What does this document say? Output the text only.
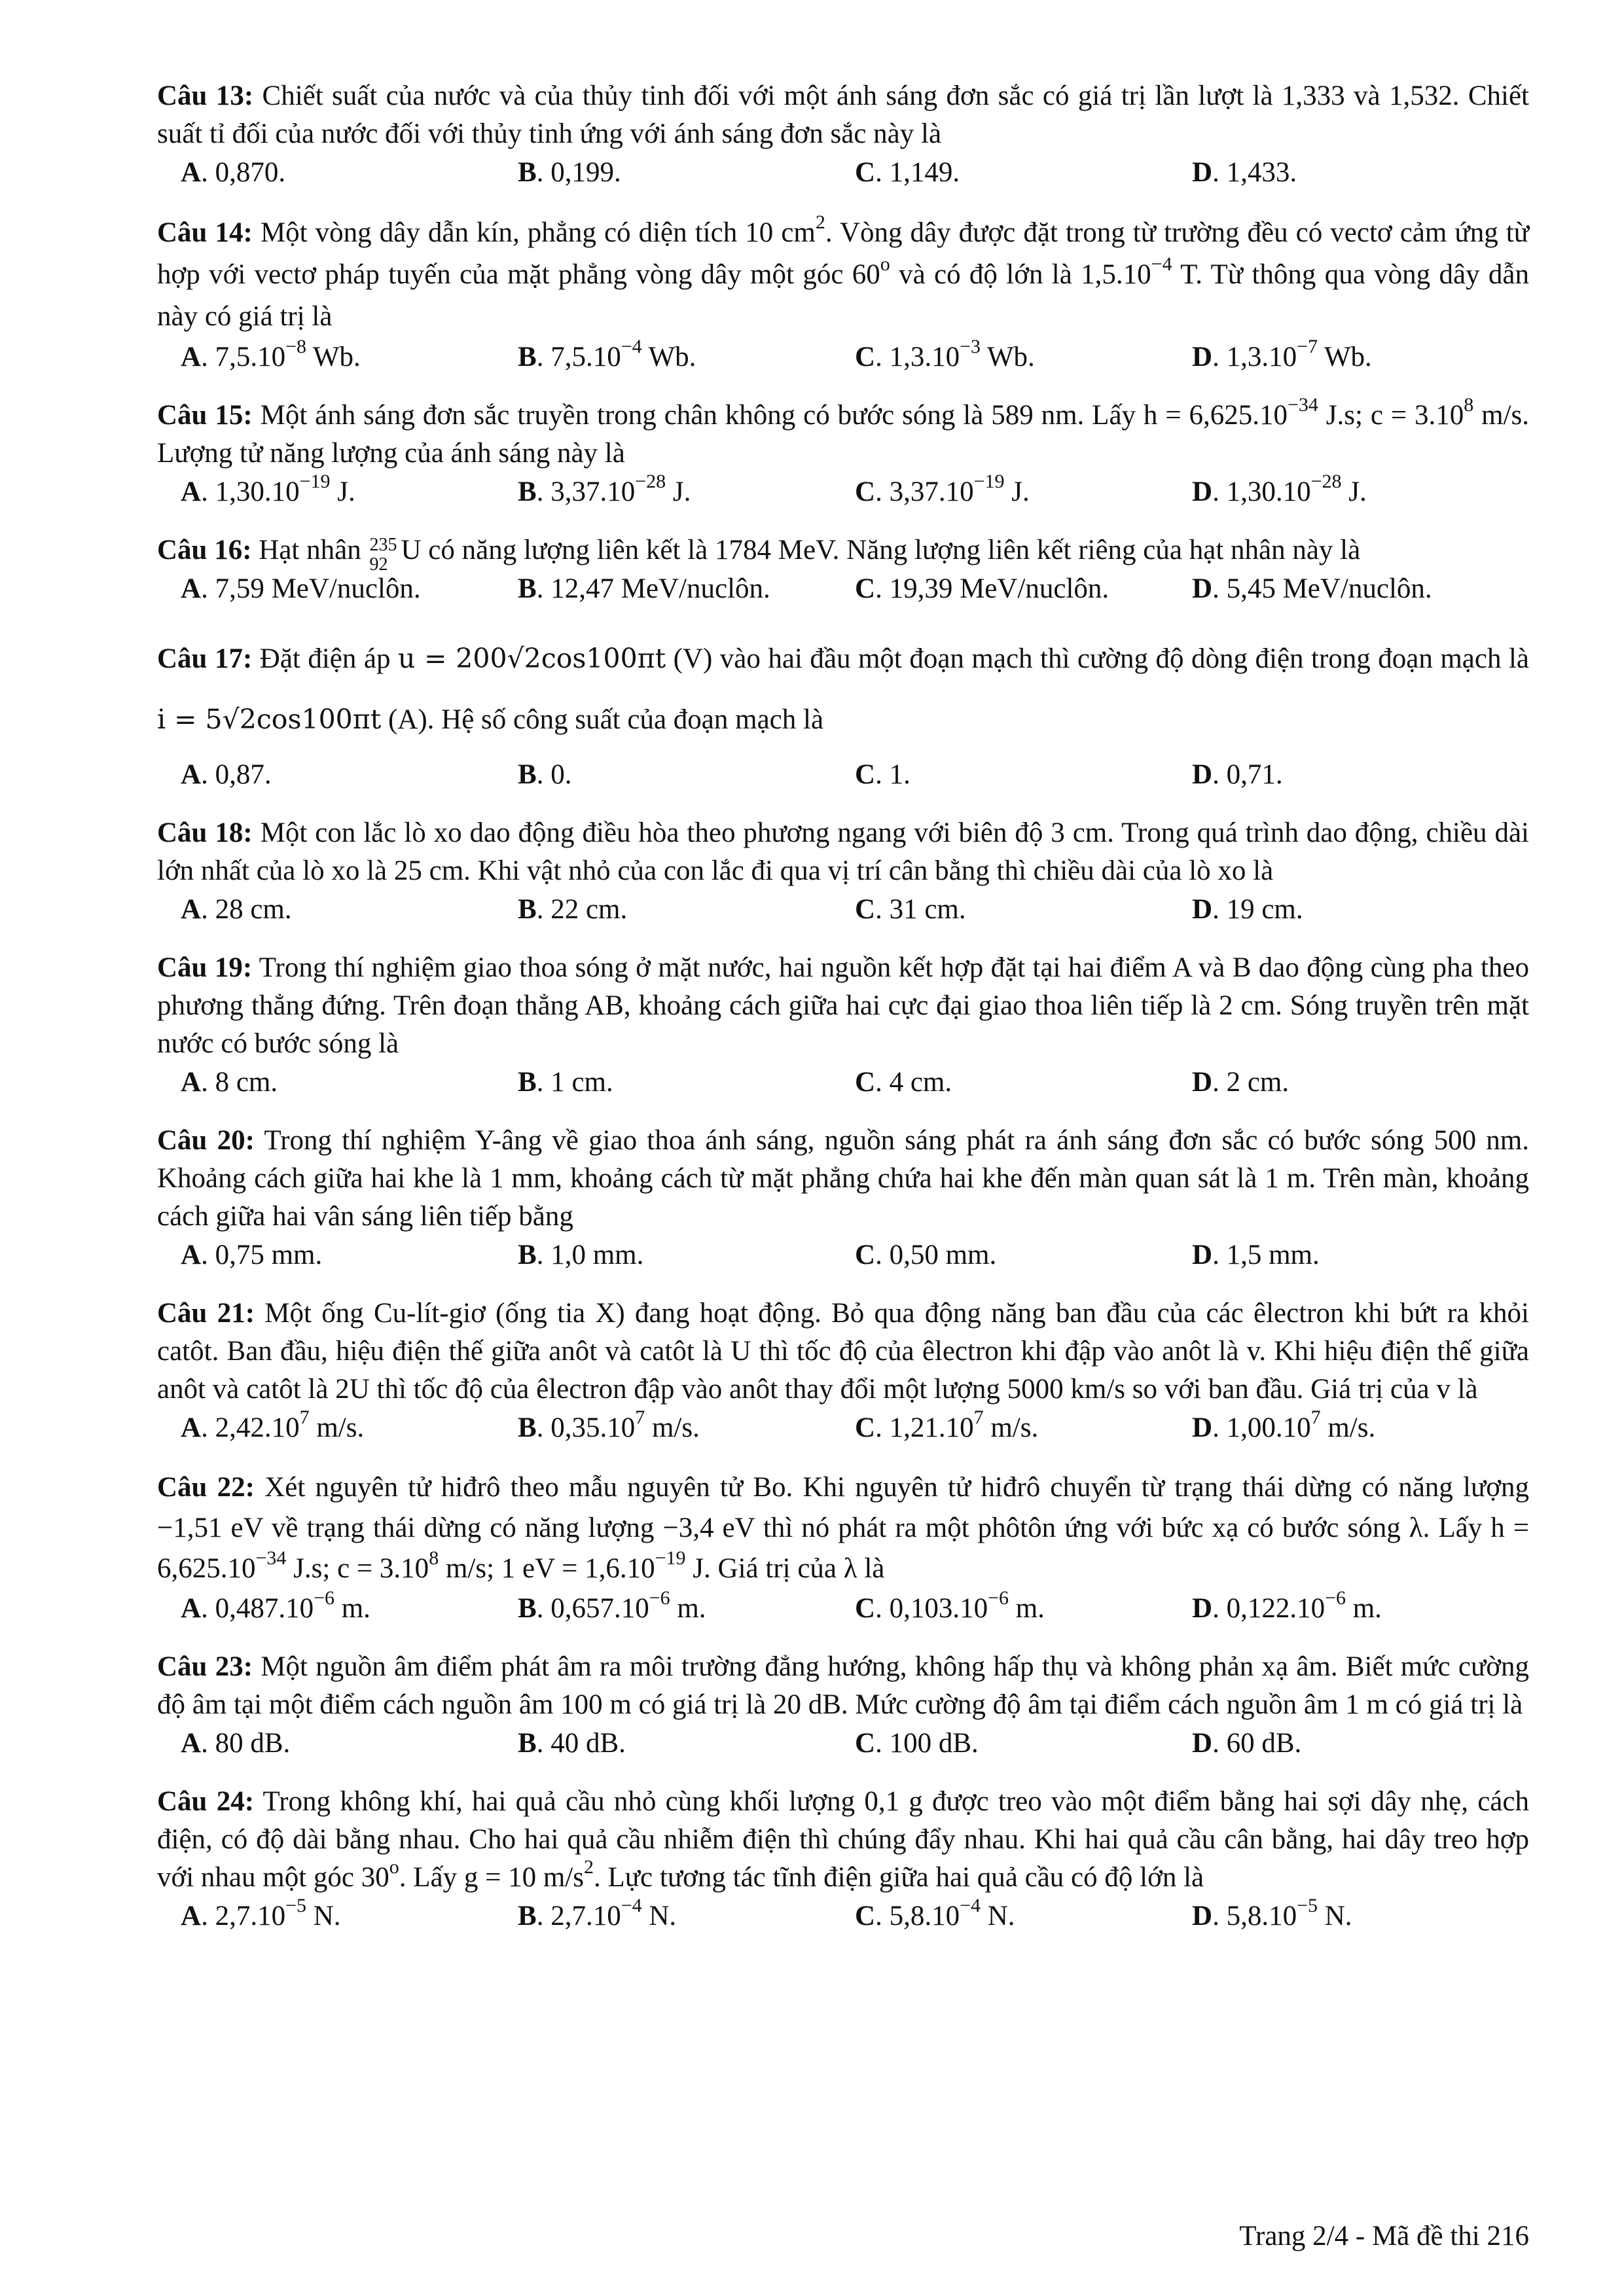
Câu 13: Chiết suất của nước và của thủy tinh đối với một ánh sáng đơn sắc có giá trị lần lượt là 1,333 và 1,532. Chiết suất tỉ đối của nước đối với thủy tinh ứng với ánh sáng đơn sắc này là

A. 0,870.	B. 0,199.	C. 1,149.	D. 1,433.

Câu 14: Một vòng dây dẫn kín, phẳng có diện tích 10 $cm^2$. Vòng dây được đặt trong từ trường đều có vectơ cảm ứng từ hợp với vectơ pháp tuyến của mặt phẳng vòng dây một góc 60$^o$ và có độ lớn là $1,5.10^{-4}$ T. Từ thông qua vòng dây dẫn này có giá trị là

A. $7,5.10^{-8}$ Wb.	B. $7,5.10^{-4}$ Wb.	C. $1,3.10^{-3}$ Wb.	D. $1,3.10^{-7}$ Wb.

Câu 15: Một ánh sáng đơn sắc truyền trong chân không có bước sóng là 589 nm. Lấy $h = 6,625.10^{-34}$ J.s; $c = 3.10^8$ m/s. Lượng tử năng lượng của ánh sáng này là

A. $1,30.10^{-19}$ J.	B. $3,37.10^{-28}$ J.	C. $3,37.10^{-19}$ J.	D. $1,30.10^{-28}$ J.

Câu 16: Hạt nhân 235
92 U có năng lượng liên kết là 1784 MeV. Năng lượng liên kết riêng của hạt nhân này là

A. 7,59 MeV/nuclôn.	B. 12,47 MeV/nuclôn.	C. 19,39 MeV/nuclôn.	D. 5,45 MeV/nuclôn.

Câu 17: Đặt điện áp u = 200√2cos100πt (V) vào hai đầu một đoạn mạch thì cường độ dòng điện trong đoạn mạch là i = 5√2cos100πt (A). Hệ số công suất của đoạn mạch là

A. 0,87.	B. 0.	C. 1.	D. 0,71.

Câu 18: Một con lắc lò xo dao động điều hòa theo phương ngang với biên độ 3 cm. Trong quá trình dao động, chiều dài lớn nhất của lò xo là 25 cm. Khi vật nhỏ của con lắc đi qua vị trí cân bằng thì chiều dài của lò xo là

A. 28 cm.	B. 22 cm.	C. 31 cm.	D. 19 cm.

Câu 19: Trong thí nghiệm giao thoa sóng ở mặt nước, hai nguồn kết hợp đặt tại hai điểm A và B dao động cùng pha theo phương thẳng đứng. Trên đoạn thẳng AB, khoảng cách giữa hai cực đại giao thoa liên tiếp là 2 cm. Sóng truyền trên mặt nước có bước sóng là

A. 8 cm.	B. 1 cm.	C. 4 cm.	D. 2 cm.

Câu 20: Trong thí nghiệm Y-âng về giao thoa ánh sáng, nguồn sáng phát ra ánh sáng đơn sắc có bước sóng 500 nm. Khoảng cách giữa hai khe là 1 mm, khoảng cách từ mặt phẳng chứa hai khe đến màn quan sát là 1 m. Trên màn, khoảng cách giữa hai vân sáng liên tiếp bằng

A. 0,75 mm.	B. 1,0 mm.	C. 0,50 mm.	D. 1,5 mm.

Câu 21: Một ống Cu-lít-giơ (ống tia X) đang hoạt động. Bỏ qua động năng ban đầu của các êlectron khi bứt ra khỏi catôt. Ban đầu, hiệu điện thế giữa anôt và catôt là U thì tốc độ của êlectron khi đập vào anôt là v. Khi hiệu điện thế giữa anôt và catôt là 2U thì tốc độ của êlectron đập vào anôt thay đổi một lượng 5000 km/s so với ban đầu. Giá trị của v là

A. 2,42.10$^7$ m/s.	B. 0,35.10$^7$ m/s.	C. 1,21.10$^7$ m/s.	D. 1,00.10$^7$ m/s.

Câu 22: Xét nguyên tử hiđrô theo mẫu nguyên tử Bo. Khi nguyên tử hiđrô chuyển từ trạng thái dừng có năng lượng −1,51 eV về trạng thái dừng có năng lượng −3,4 eV thì nó phát ra một phôtôn ứng với bức xạ có bước sóng λ. Lấy $h = 6,625.10^{-34}$ J.s; $c = 3.10^8$ m/s; 1 eV = $1,6.10^{-19}$ J. Giá trị của λ là

A. $0,487.10^{-6}$ m.	B. $0,657.10^{-6}$ m.	C. $0,103.10^{-6}$ m.	D. $0,122.10^{-6}$ m.

Câu 23: Một nguồn âm điểm phát âm ra môi trường đẳng hướng, không hấp thụ và không phản xạ âm. Biết mức cường độ âm tại một điểm cách nguồn âm 100 m có giá trị là 20 dB. Mức cường độ âm tại điểm cách nguồn âm 1 m có giá trị là

A. 80 dB.	B. 40 dB.	C. 100 dB.	D. 60 dB.

Câu 24: Trong không khí, hai quả cầu nhỏ cùng khối lượng 0,1 g được treo vào một điểm bằng hai sợi dây nhẹ, cách điện, có độ dài bằng nhau. Cho hai quả cầu nhiễm điện thì chúng đẩy nhau. Khi hai quả cầu cân bằng, hai dây treo hợp với nhau một góc 30$^o$. Lấy g = 10 $m/s^2$. Lực tương tác tĩnh điện giữa hai quả cầu có độ lớn là

A. $2,7.10^{-5}$ N.	B. $2,7.10^{-4}$ N.	C. $5,8.10^{-4}$ N.	D. $5,8.10^{-5}$ N.
Trang 2/4 - Mã đề thi 216
